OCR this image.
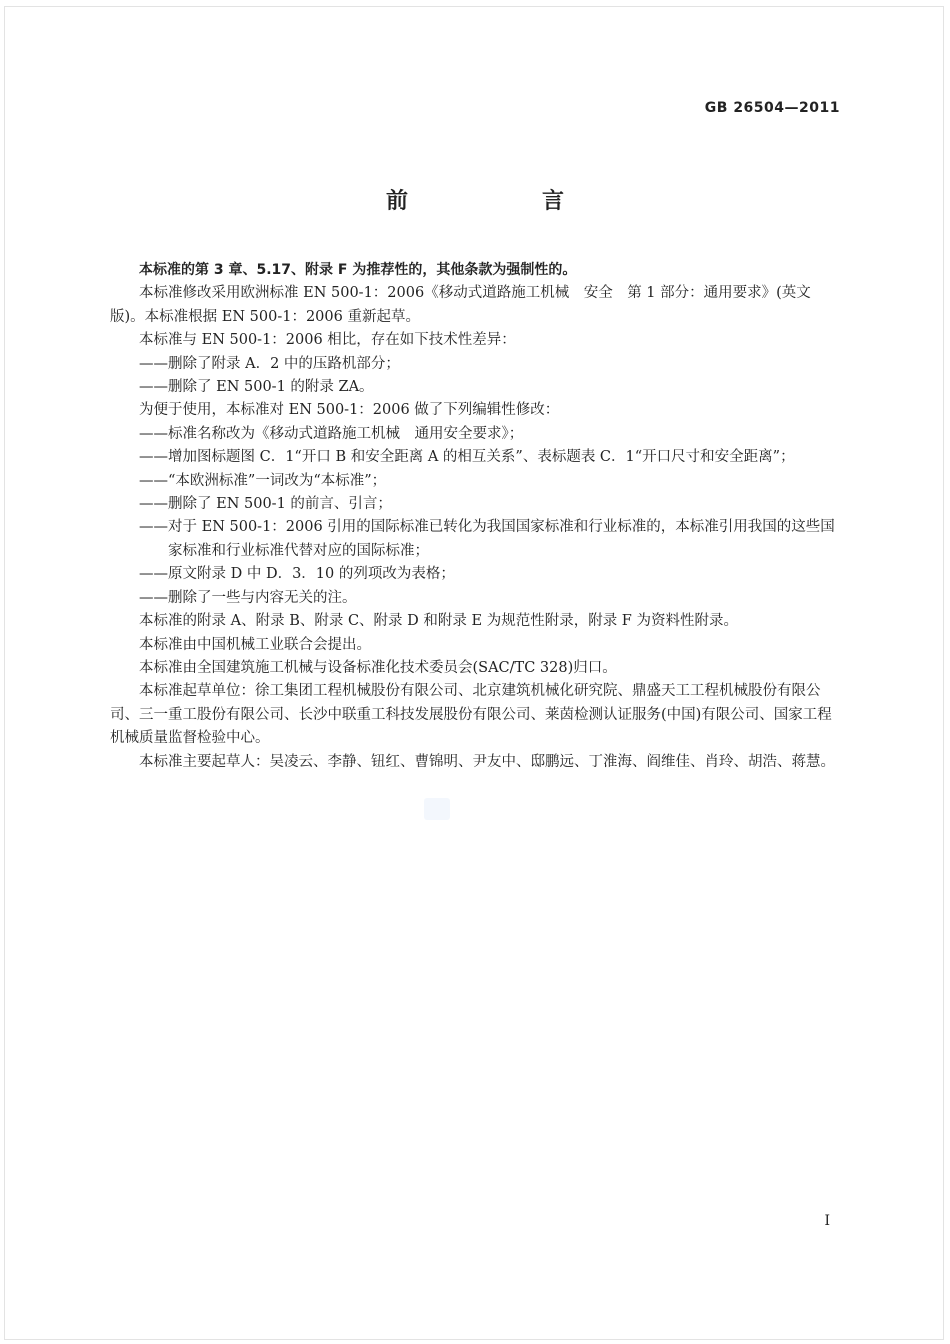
GB 26504—2011
前　言

本标准的第 3 章、5.17、附录 F 为推荐性的，其他条款为强制性的。

本标准修改采用欧洲标准 EN 500-1：2006《移动式道路施工机械　安全　第 1 部分：通用要求》(英文版)。本标准根据 EN 500-1：2006 重新起草。

本标准与 EN 500-1：2006 相比，存在如下技术性差异：

——删除了附录 A．2 中的压路机部分；

——删除了 EN 500-1 的附录 ZA。

为便于使用，本标准对 EN 500-1：2006 做了下列编辑性修改：

——标准名称改为《移动式道路施工机械　通用安全要求》；

——增加图标题图 C．1“开口 B 和安全距离 A 的相互关系”、表标题表 C．1“开口尺寸和安全距离”；

——“本欧洲标准”一词改为“本标准”；

——删除了 EN 500-1 的前言、引言；

——对于 EN 500-1：2006 引用的国际标准已转化为我国国家标准和行业标准的，本标准引用我国的这些国家标准和行业标准代替对应的国际标准；

——原文附录 D 中 D．3．10 的列项改为表格；

——删除了一些与内容无关的注。

本标准的附录 A、附录 B、附录 C、附录 D 和附录 E 为规范性附录，附录 F 为资料性附录。

本标准由中国机械工业联合会提出。

本标准由全国建筑施工机械与设备标准化技术委员会(SAC/TC 328)归口。

本标准起草单位：徐工集团工程机械股份有限公司、北京建筑机械化研究院、鼎盛天工工程机械股份有限公司、三一重工股份有限公司、长沙中联重工科技发展股份有限公司、莱茵检测认证服务(中国)有限公司、国家工程机械质量监督检验中心。

本标准主要起草人：吴凌云、李静、钮红、曹锦明、尹友中、邸鹏远、丁淮海、阎维佳、肖玲、胡浩、蒋慧。

I
